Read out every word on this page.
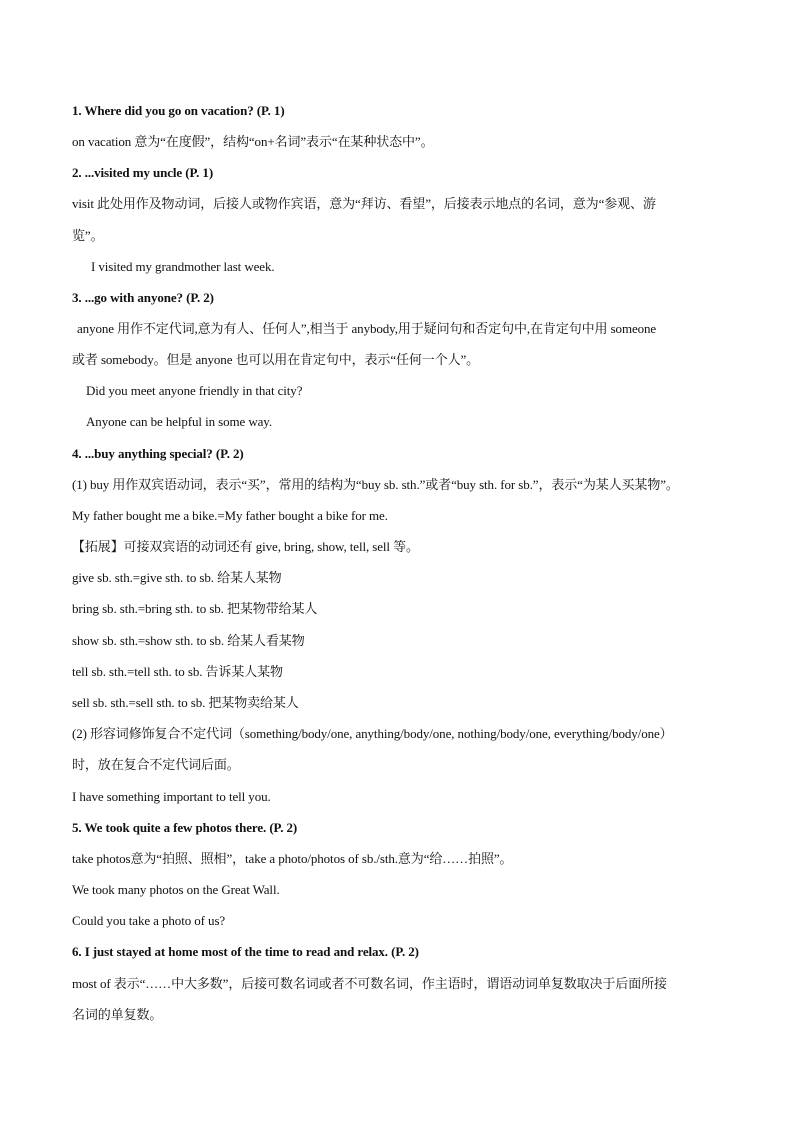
1. Where did you go on vacation? (P. 1)
on vacation 意为“在度假”，结构“on+名词”表示“在某种状态中”。
2. ...visited my uncle (P. 1)
visit 此处用作及物动词，后接人或物作宾语，意为“拜访、看望”，后接表示地点的名词，意为“参观、游
览”。
I visited my grandmother last week.
3. ...go with anyone? (P. 2)
anyone 用作不定代词,意为有人、任何人”,相当于 anybody,用于疑问句和否定句中,在肯定句中用 someone
或者 somebody。但是 anyone 也可以用在肯定句中，表示“任何一个人”。
Did you meet anyone friendly in that city?
Anyone can be helpful in some way.
4. ...buy anything special? (P. 2)
(1) buy 用作双宾语动词，表示“买”，常用的结构为“buy sb. sth.”或者“buy sth. for sb.”，表示“为某人买某物”。
My father bought me a bike.=My father bought a bike for me.
【拓展】可接双宾语的动词还有 give, bring, show, tell, sell 等。
give sb. sth.=give sth. to sb. 给某人某物
bring sb. sth.=bring sth. to sb. 把某物带给某人
show sb. sth.=show sth. to sb. 给某人看某物
tell sb. sth.=tell sth. to sb. 告诉某人某物
sell sb. sth.=sell sth. to sb. 把某物卖给某人
(2) 形容词修饰复合不定代词（something/body/one, anything/body/one, nothing/body/one, everything/body/one）
时，放在复合不定代词后面。
I have something important to tell you.
5. We took quite a few photos there. (P. 2)
take photos意为“拍照、照相”，take a photo/photos of sb./sth.意为“给……拍照”。
We took many photos on the Great Wall.
Could you take a photo of us?
6. I just stayed at home most of the time to read and relax. (P. 2)
most of 表示“……中大多数”，后接可数名词或者不可数名词，作主语时，谓语动词单复数取决于后面所接
名词的单复数。
